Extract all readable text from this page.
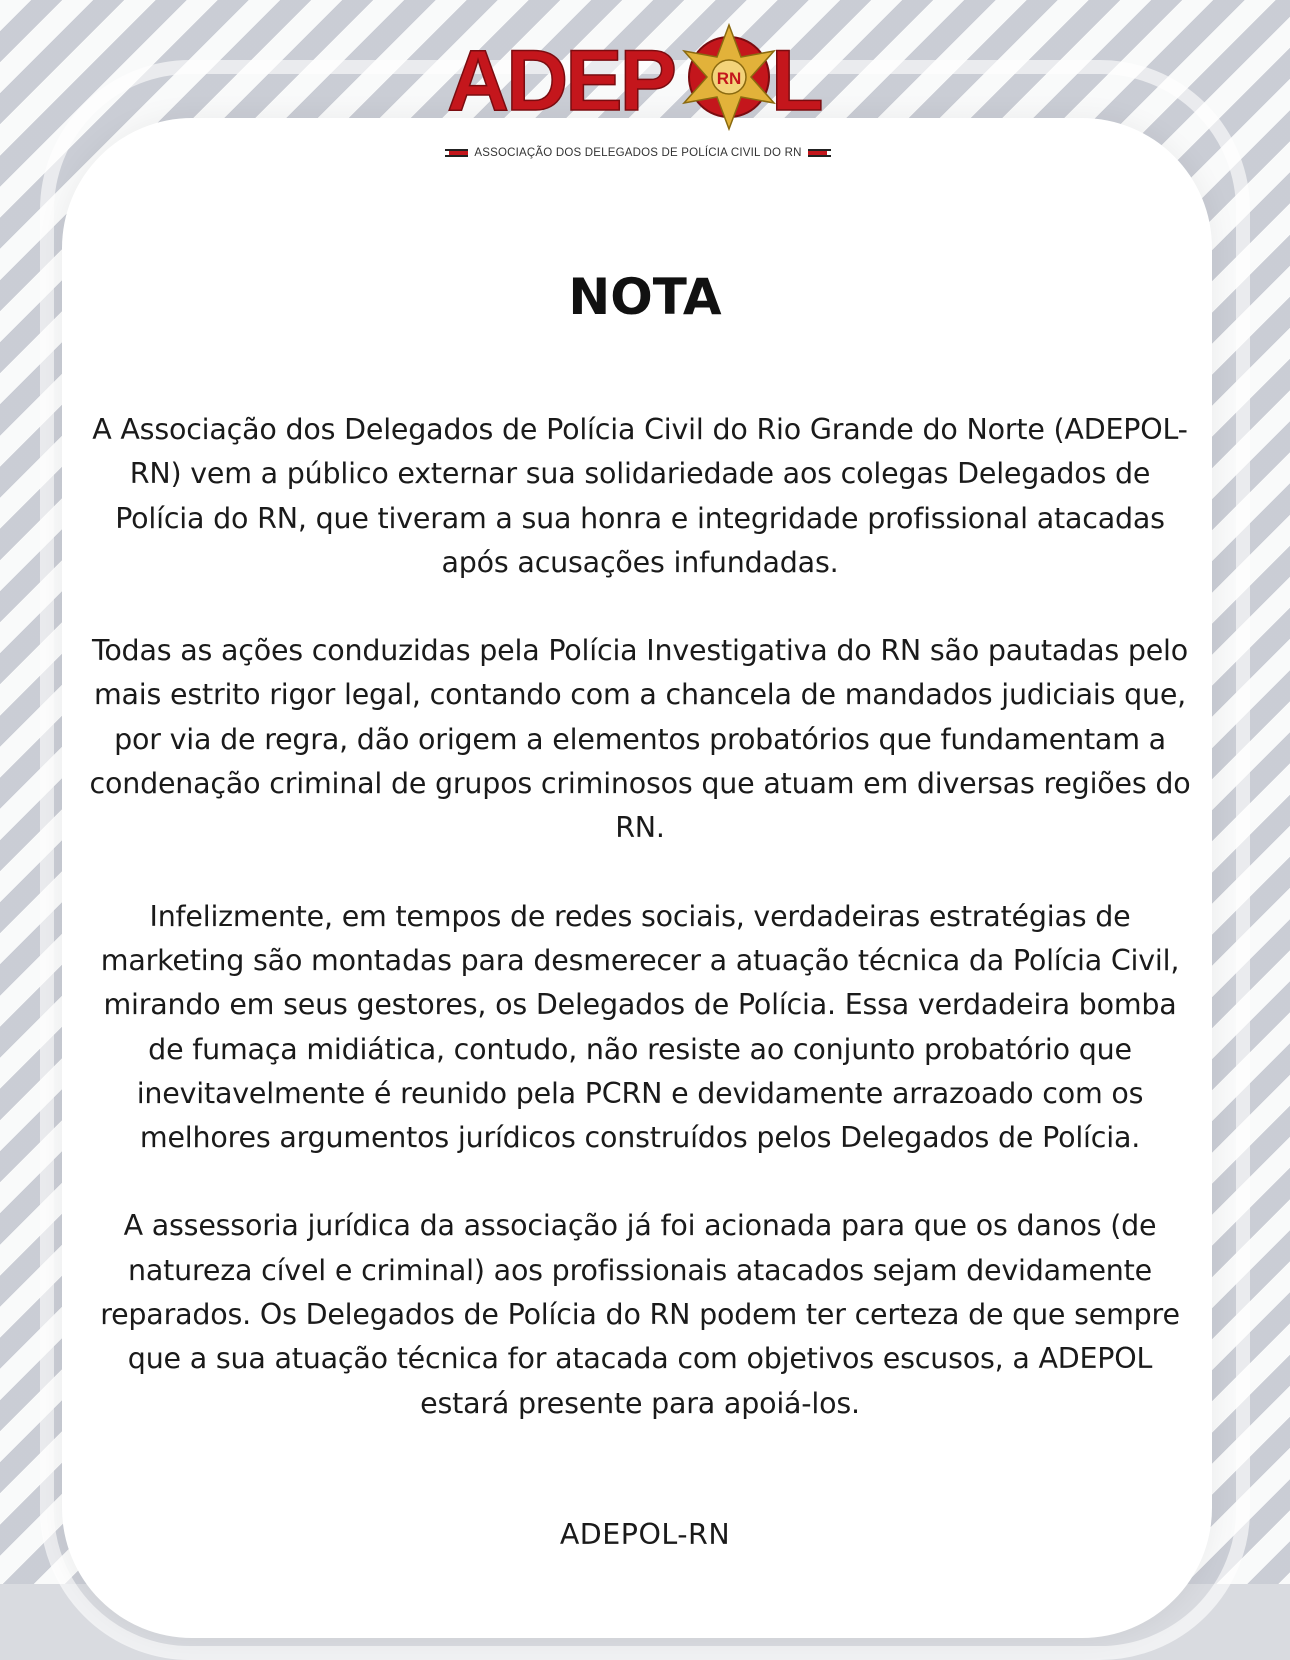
ADEP	RN L
ASSOCIAÇÃO DOS DELEGADOS DE POLÍCIA CIVIL DO RN
NOTA

A Associação dos Delegados de Polícia Civil do Rio Grande do Norte (ADEPOL-RN) vem a público externar sua solidariedade aos colegas Delegados de Polícia do RN, que tiveram a sua honra e integridade profissional atacadas após acusações infundadas.

Todas as ações conduzidas pela Polícia Investigativa do RN são pautadas pelo mais estrito rigor legal, contando com a chancela de mandados judiciais que, por via de regra, dão origem a elementos probatórios que fundamentam a condenação criminal de grupos criminosos que atuam em diversas regiões do RN.

Infelizmente, em tempos de redes sociais, verdadeiras estratégias de marketing são montadas para desmerecer a atuação técnica da Polícia Civil, mirando em seus gestores, os Delegados de Polícia. Essa verdadeira bomba de fumaça midiática, contudo, não resiste ao conjunto probatório que inevitavelmente é reunido pela PCRN e devidamente arrazoado com os melhores argumentos jurídicos construídos pelos Delegados de Polícia.

A assessoria jurídica da associação já foi acionada para que os danos (de natureza cível e criminal) aos profissionais atacados sejam devidamente reparados. Os Delegados de Polícia do RN podem ter certeza de que sempre que a sua atuação técnica for atacada com objetivos escusos, a ADEPOL estará presente para apoiá-los.

ADEPOL-RN
